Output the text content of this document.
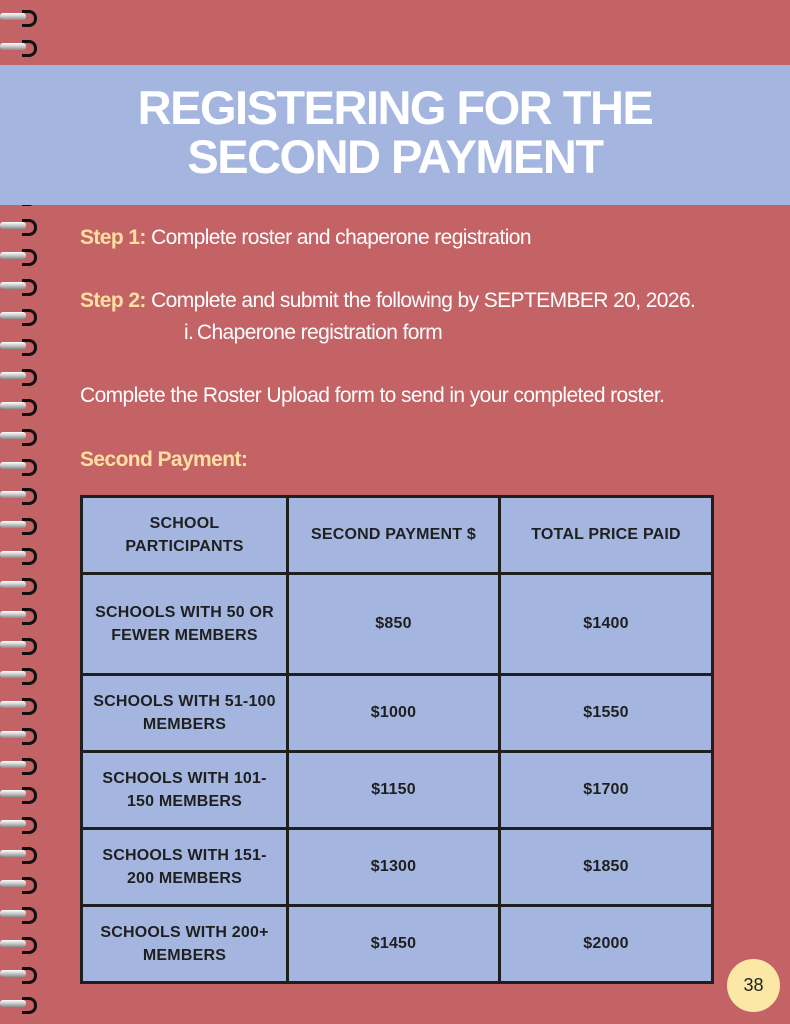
REGISTERING FOR THE
SECOND PAYMENT
Step 1: Complete roster and chaperone registration
Step 2: Complete and submit the following by SEPTEMBER 20, 2026.
i. Chaperone registration form
Complete the Roster Upload form to send in your completed roster.
Second Payment:
SCHOOL PARTICIPANTS	SECOND PAYMENT $	TOTAL PRICE PAID
SCHOOLS WITH 50 OR FEWER MEMBERS	$850	$1400
SCHOOLS WITH 51-100 MEMBERS	$1000	$1550
SCHOOLS WITH 101-150 MEMBERS	$1150	$1700
SCHOOLS WITH 151-200 MEMBERS	$1300	$1850
SCHOOLS WITH 200+ MEMBERS	$1450	$2000
38
